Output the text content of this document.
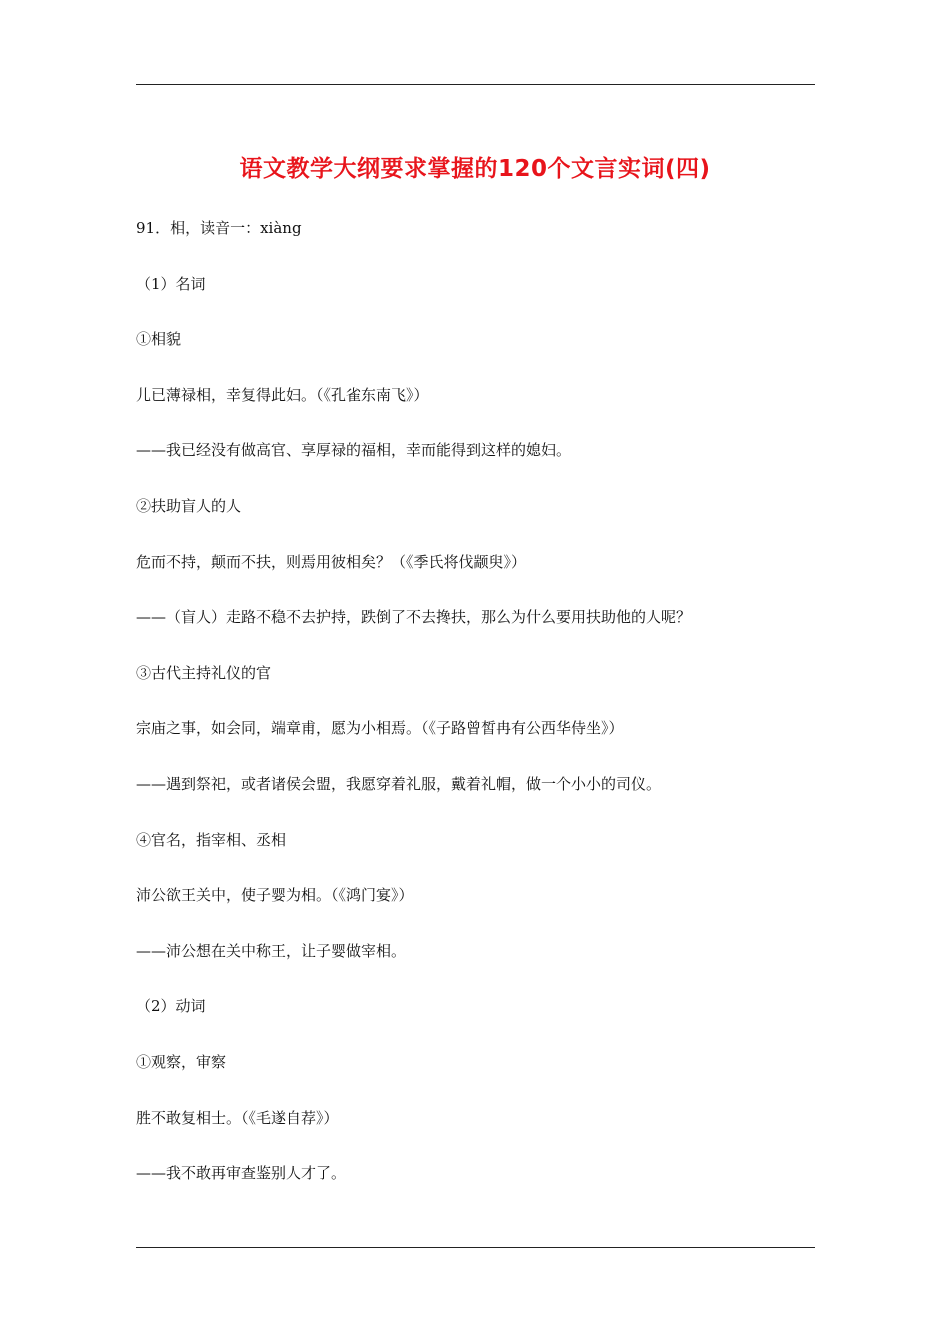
语文教学大纲要求掌握的120个文言实词(四)
91．相，读音一：xiàng
（1）名词
①相貌
儿已薄禄相，幸复得此妇。（《孔雀东南飞》）
——我已经没有做高官、享厚禄的福相，幸而能得到这样的媳妇。
②扶助盲人的人
危而不持，颠而不扶，则焉用彼相矣？（《季氏将伐颛臾》）
——（盲人）走路不稳不去护持，跌倒了不去搀扶，那么为什么要用扶助他的人呢？
③古代主持礼仪的官
宗庙之事，如会同，端章甫，愿为小相焉。（《子路曾皙冉有公西华侍坐》）
——遇到祭祀，或者诸侯会盟，我愿穿着礼服，戴着礼帽，做一个小小的司仪。
④官名，指宰相、丞相
沛公欲王关中，使子婴为相。（《鸿门宴》）
——沛公想在关中称王，让子婴做宰相。
（2）动词
①观察，审察
胜不敢复相士。（《毛遂自荐》）
——我不敢再审查鉴别人才了。
